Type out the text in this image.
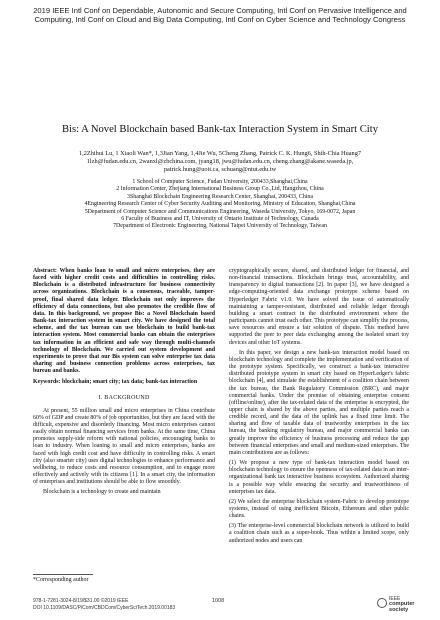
2019 IEEE Intl Conf on Dependable, Autonomic and Secure Computing, Intl Conf on Pervasive Intelligence and
Computing, Intl Conf on Cloud and Big Data Computing, Intl Conf on Cyber Science and Technology Congress
Bis: A Novel Blockchain based Bank-tax Interaction System in Smart City
1,2Zhihui Lu, 1 Xiaoli Wan*, 1,3Jian Yang, 1,4Jie Wu, 5Cheng Zhang, Patrick C. K. Hung6, Shih-Chia Huang7
1lzh@fudan.edu.cn, 2wanxl@zbchina.com, jyang18, jwu@fudan.edu.cn, cheng.zhang@akane.waseda.jp,
patrick.hung@uoit.ca, schuang@ntut.edu.tw
1 School of Computer Science, Fudan University, 200433,Shanghai,China
2 Information Center, Zhejiang International Business Group Co.,Ltd, Hangzhou, China
3Shanghai Blockchain Engineering Research Center, Shanghai, 200433, China
4Engineering Research Center of Cyber Security Auditing and Monitoring, Ministry of Education, Shanghai,China
5Department of Computer Science and Communications Engineering, Waseda University, Tokyo, 169-0072, Japan
6 Faculty of Business and IT, University of Ontario Institute of Technology, Canada
7Department of Electronic Engineering, National Taipei University of Technology, Taiwan

Abstract: When banks loan to small and micro enterprises, they are faced with higher credit costs and difficulties in controlling risks. Blockchain is a distributed infrastructure for business connectivity across organizations. Blockchain is a consensus, traceable, tamper-proof, final shared data ledger. Blockchain not only improves the efficiency of data connections, but also promotes the credible flow of data. In this background, we propose Bis: a Novel Blockchain based Bank-tax interaction system in smart city. We have designed the total scheme, and the tax bureau can use blockchain to build bank-tax interaction system. Most commercial banks can obtain the enterprises tax information in an efficient and safe way through multi-channels technology of Blockchain. We carried out system development and experiments to prove that our Bis system can solve enterprise tax data sharing and business connection problems across enterprises, tax bureau and banks.

Keywords: blockchain; smart city; tax data; bank-tax interaction

I. BACKGROUND

At present, 55 million small and micro enterprises in China contribute 60% of GDP and create 80% of job opportunities, but they are faced with the difficult, expensive and disorderly financing. Most micro enterprises cannot easily obtain normal financing services from banks. At the same time, China promotes supply-side reform with national policies, encouraging banks to loan to industry. When loaning to small and micro enterprises, banks are faced with high credit cost and have difficulty in controlling risks. A smart city (also smarter city) uses digital technologies to enhance performance and wellbeing, to reduce costs and resource consumption, and to engage more effectively and actively with its citizens [1]. In a smart city, the information of enterprises and institutions should be able to flow smoothly.

Blockchain is a technology to create and maintain

*Corresponding author

cryptographically secure, shared, and distributed ledger for financial, and non-financial transactions. Blockchain brings trust, accountability, and transparency to digital transactions [2]. In paper [3], we have designed a edge-computing-oriented data exchange prototype scheme based on Hyperledger Fabric v1.0. We have solved the issue of automatically maintaining a tamper-resistant, distributed and reliable ledger through building a smart contract in the distributed environment where the participants cannot trust each other. This prototype can simplify the process, save resources and ensure a fair solution of dispute. This method have supported the peer to peer data exchanging among the isolated smart toy devices and other IoT systems.

In this paper, we design a new bank-tax interaction model based on blockchain technology and complete the implementation and verification of the prototype system. Specifically, we construct a bank-tax interactive distributed prototype system in smart city based on HyperLedger's fabric blockchain [4], and simulate the establishment of a coalition chain between the tax bureau, the Bank Regulatory Commission (BRC), and major commercial banks. Under the premise of obtaining enterprise consent (offline/online), after the tax-related data of the enterprise is encrypted, the upper chain is shared by the above parties, and multiple parties reach a credible record, and the data of the uplink has a fixed time limit. The sharing and flow of taxable data of trustworthy enterprises in the tax bureau, the banking regulatory bureau, and major commercial banks can greatly improve the efficiency of business processing and reduce the gap between financial enterprises and small and medium-sized enterprises. The main contributions are as follows:

(1) We propose a new type of bank-tax interaction model based on blockchain technology to ensure the openness of tax-related data in an inter-organizational bank tax interactive business ecosystem. Authorized sharing is a possible way while ensuring the security and trustworthiness of enterprises tax data.

(2) We select the enterprise blockchain system-Fabric to develop prototype systems, instead of using inefficient Bitcoin, Ethereum and other public chains.

(3) The enterprise-level commercial blockchain network is utilized to build a coalition chain such as a super-book. Thus within a limited scope, only authorized nodes and users can

978-1-7281-3024-8/19/$31.00 ©2019 IEEE
DOI 10.1109/DASC/PiCom/CBDCom/CyberSciTech.2019.00183
1008	IEEE
computer
society
